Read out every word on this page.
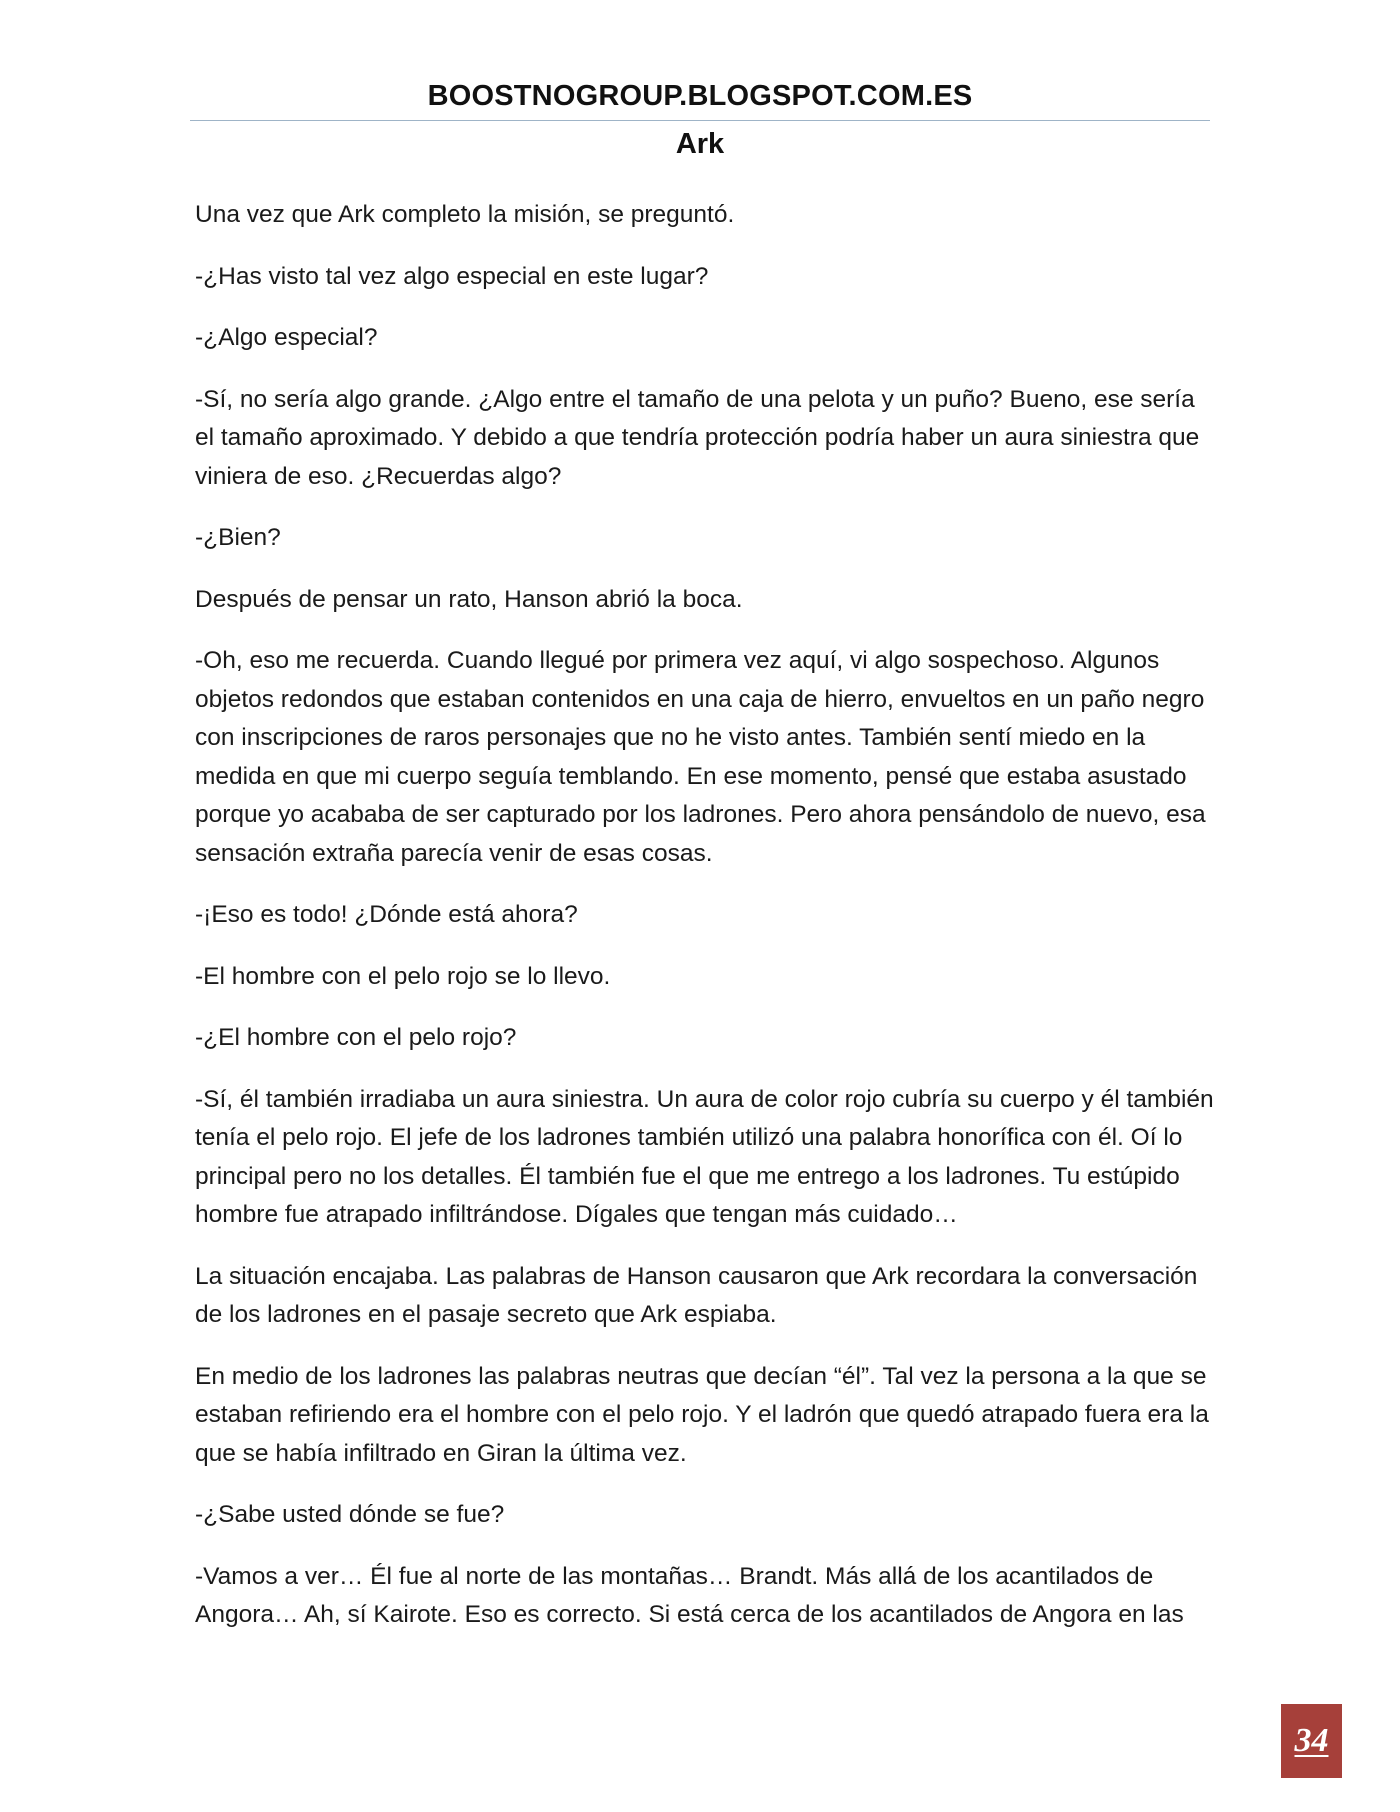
BOOSTNOGROUP.BLOGSPOT.COM.ES
Ark

Una vez que Ark completo la misión, se preguntó.

-¿Has visto tal vez algo especial en este lugar?

-¿Algo especial?

-Sí, no sería algo grande. ¿Algo entre el tamaño de una pelota y un puño? Bueno, ese sería el tamaño aproximado. Y debido a que tendría protección podría haber un aura siniestra que viniera de eso. ¿Recuerdas algo?

-¿Bien?

Después de pensar un rato, Hanson abrió la boca.

-Oh, eso me recuerda. Cuando llegué por primera vez aquí, vi algo sospechoso. Algunos objetos redondos que estaban contenidos en una caja de hierro, envueltos en un paño negro con inscripciones de raros personajes que no he visto antes. También sentí miedo en la medida en que mi cuerpo seguía temblando. En ese momento, pensé que estaba asustado porque yo acababa de ser capturado por los ladrones. Pero ahora pensándolo de nuevo, esa sensación extraña parecía venir de esas cosas.

-¡Eso es todo! ¿Dónde está ahora?

-El hombre con el pelo rojo se lo llevo.

-¿El hombre con el pelo rojo?

-Sí, él también irradiaba un aura siniestra. Un aura de color rojo cubría su cuerpo y él también tenía el pelo rojo. El jefe de los ladrones también utilizó una palabra honorífica con él. Oí lo principal pero no los detalles. Él también fue el que me entrego a los ladrones. Tu estúpido hombre fue atrapado infiltrándose. Dígales que tengan más cuidado…

La situación encajaba. Las palabras de Hanson causaron que Ark recordara la conversación de los ladrones en el pasaje secreto que Ark espiaba.

En medio de los ladrones las palabras neutras que decían “él”. Tal vez la persona a la que se estaban refiriendo era el hombre con el pelo rojo. Y el ladrón que quedó atrapado fuera era la que se había infiltrado en Giran la última vez.

-¿Sabe usted dónde se fue?

-Vamos a ver… Él fue al norte de las montañas… Brandt. Más allá de los acantilados de Angora… Ah, sí Kairote. Eso es correcto. Si está cerca de los acantilados de Angora en las

34
